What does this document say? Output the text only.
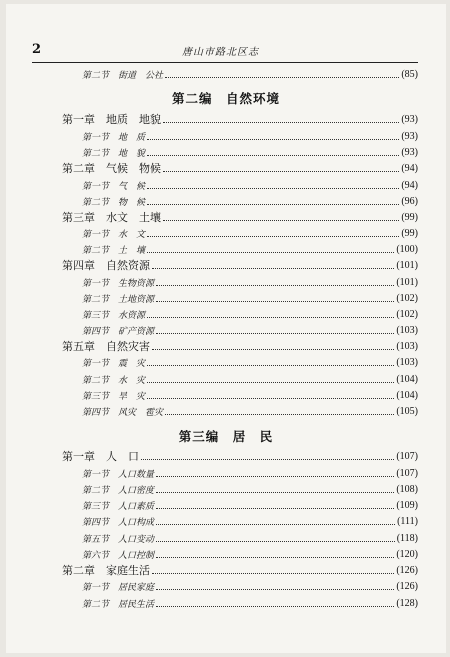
2	唐山市路北区志
第二节　街道　公社	(85)
第二编　自然环境
第一章　地质　地貌	(93)
第一节　地　质	(93)
第二节　地　貌	(93)
第二章　气候　物候	(94)
第一节　气　候	(94)
第二节　物　候	(96)
第三章　水文　土壤	(99)
第一节　水　文	(99)
第二节　土　壤	(100)
第四章　自然资源	(101)
第一节　生物资源	(101)
第二节　土地资源	(102)
第三节　水资源	(102)
第四节　矿产资源	(103)
第五章　自然灾害	(103)
第一节　震　灾	(103)
第二节　水　灾	(104)
第三节　旱　灾	(104)
第四节　风灾　雹灾	(105)
第三编　居　民
第一章　人　口	(107)
第一节　人口数量	(107)
第二节　人口密度	(108)
第三节　人口素质	(109)
第四节　人口构成	(111)
第五节　人口变动	(118)
第六节　人口控制	(120)
第二章　家庭生活	(126)
第一节　居民家庭	(126)
第二节　居民生活	(128)
